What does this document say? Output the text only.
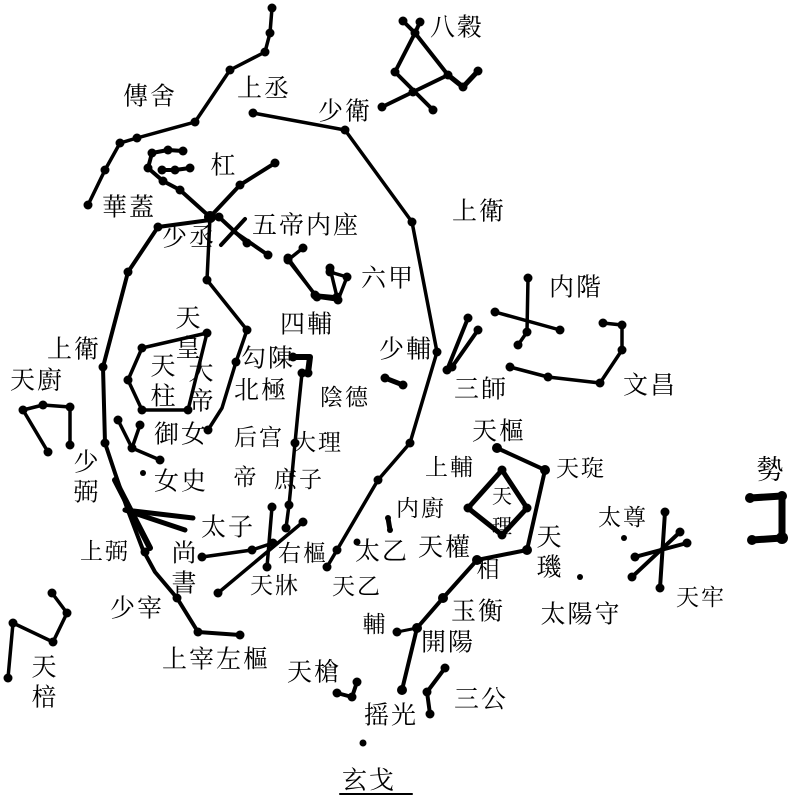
八穀
傳舍 上丞
少衛
杠
華蓋
少丞 五帝内座
六甲
上衛
内階
文昌
三師
四輔
少輔
勾陳
北極 陰德
上衛
天廚
御女
女史
后宫 大理
帝 庶子
上弼
太子
右樞
天牀
少宰
上宰左樞 天槍
摇光
玄戈
三公
開陽
玉衡
輔
太乙
天乙
天樞
上輔	天琁
内廚
天權
相
太尊
太陽守
天牢
勢
天
皇
大
帝
天
柱
少
弼
尚
書
天
棓
天
璣
天
理
